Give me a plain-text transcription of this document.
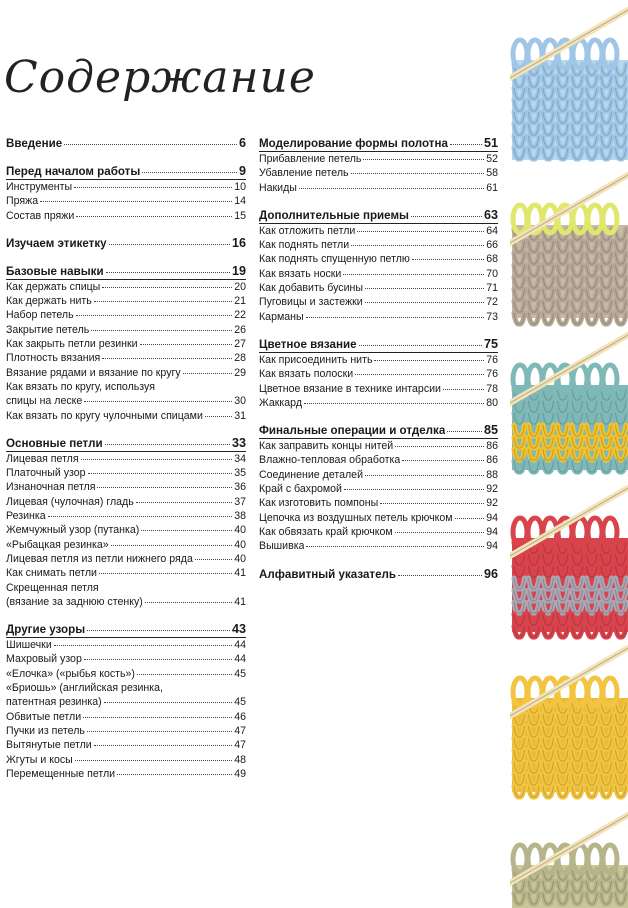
Содержание
Введение	6
Перед началом работы	9
Инструменты	10
Пряжа	14
Состав пряжи	15
Изучаем этикетку	16
Базовые навыки	19
Как держать спицы	20
Как держать нить	21
Набор петель	22
Закрытие петель	26
Как закрыть петли резинки	27
Плотность вязания	28
Вязание рядами и вязание по кругу	29
Как вязать по кругу, используя
спицы на леске	30
Как вязать по кругу чулочными спицами	31
Основные петли	33
Лицевая петля	34
Платочный узор	35
Изнаночная петля	36
Лицевая (чулочная) гладь	37
Резинка	38
Жемчужный узор (путанка)	40
«Рыбацкая резинка»	40
Лицевая петля из петли нижнего ряда	40
Как снимать петли	41
Скрещенная петля
(вязание за заднюю стенку)	41
Другие узоры	43
Шишечки	44
Махровый узор	44
«Елочка» («рыбья кость»)	45
«Бриошь» (английская резинка,
патентная резинка)	45
Обвитые петли	46
Пучки из петель	47
Вытянутые петли	47
Жгуты и косы	48
Перемещенные петли	49
Моделирование формы полотна	51
Прибавление петель	52
Убавление петель	58
Накиды	61
Дополнительные приемы	63
Как отложить петли	64
Как поднять петли	66
Как поднять спущенную петлю	68
Как вязать носки	70
Как добавить бусины	71
Пуговицы и застежки	72
Карманы	73
Цветное вязание	75
Как присоединить нить	76
Как вязать полоски	76
Цветное вязание в технике интарсии	78
Жаккард	80
Финальные операции и отделка	85
Как заправить концы нитей	86
Влажно-тепловая обработка	86
Соединение деталей	88
Край с бахромой	92
Как изготовить помпоны	92
Цепочка из воздушных петель крючком	94
Как обвязать край крючком	94
Вышивка	94
Алфавитный указатель	96
